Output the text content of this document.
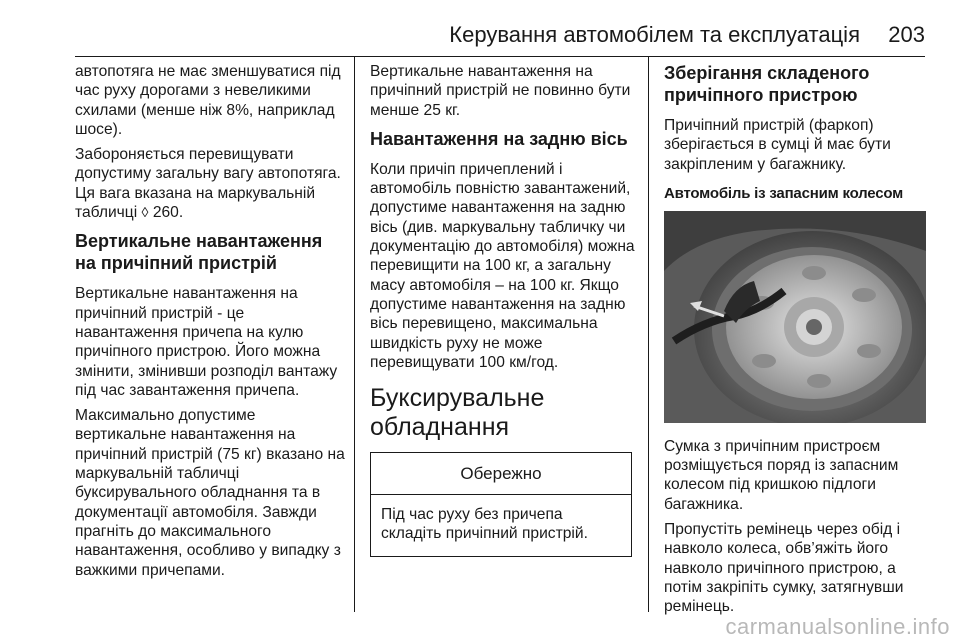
Керування автомобілем та експлуатація 203

автопотяга не має зменшуватися під час руху дорогами з невеликими схилами (менше ніж 8%, наприклад шосе).

Забороняється перевищувати допустиму загальну вагу автопотяга. Ця вага вказана на маркувальній табличці ◊ 260.

Вертикальне навантаження на причіпний пристрій

Вертикальне навантаження на причіпний пристрій - це навантаження причепа на кулю причіпного пристрою. Його можна змінити, змінивши розподіл вантажу під час завантаження причепа.

Максимально допустиме вертикальне навантаження на причіпний пристрій (75 кг) вказано на маркувальній табличці буксирувального обладнання та в документації автомобіля. Завжди прагніть до максимального навантаження, особливо у випадку з важкими причепами.

Вертикальне навантаження на причіпний пристрій не повинно бути менше 25 кг.

Навантаження на задню вісь

Коли причіп причеплений і автомобіль повністю завантажений, допустиме навантаження на задню вісь (див. маркувальну табличку чи документацію до автомобіля) можна перевищити на 100 кг, а загальну масу автомобіля – на 100 кг. Якщо допустиме навантаження на задню вісь перевищено, максимальна швидкість руху не може перевищувати 100 км/год.

Буксирувальне обладнання
Обережно
Під час руху без причепа складіть причіпний пристрій.
Зберігання складеного причіпного пристрою

Причіпний пристрій (фаркоп) зберігається в сумці й має бути закріпленим у багажнику.

Автомобіль із запасним колесом

Сумка з причіпним пристроєм розміщується поряд із запасним колесом під кришкою підлоги багажника.

Пропустіть ремінець через обід і навколо колеса, обв’яжіть його навколо причіпного пристрою, а потім закріпіть сумку, затягнувши ремінець.

carmanualsonline.info
